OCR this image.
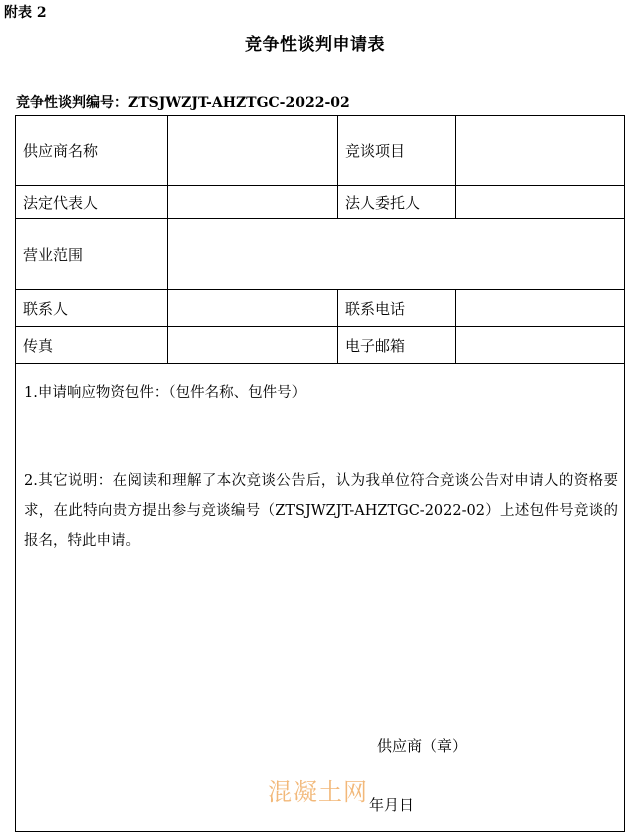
附表 2
竞争性谈判申请表
竞争性谈判编号：ZTSJWZJT-AHZTGC-2022-02
供应商名称		竞谈项目	
法定代表人		法人委托人	
营业范围			
联系人		联系电话	
传真		电子邮箱	

1.申请响应物资包件：（包件名称、包件号）
2.其它说明：在阅读和理解了本次竞谈公告后，认为我单位符合竞谈公告对申请人的资格要求，在此特向贵方提出参与竞谈编号（ZTSJWZJT-AHZTGC-2022-02）上述包件号竞谈的报名，特此申请。
供应商（章）
混凝土网 年月日			
